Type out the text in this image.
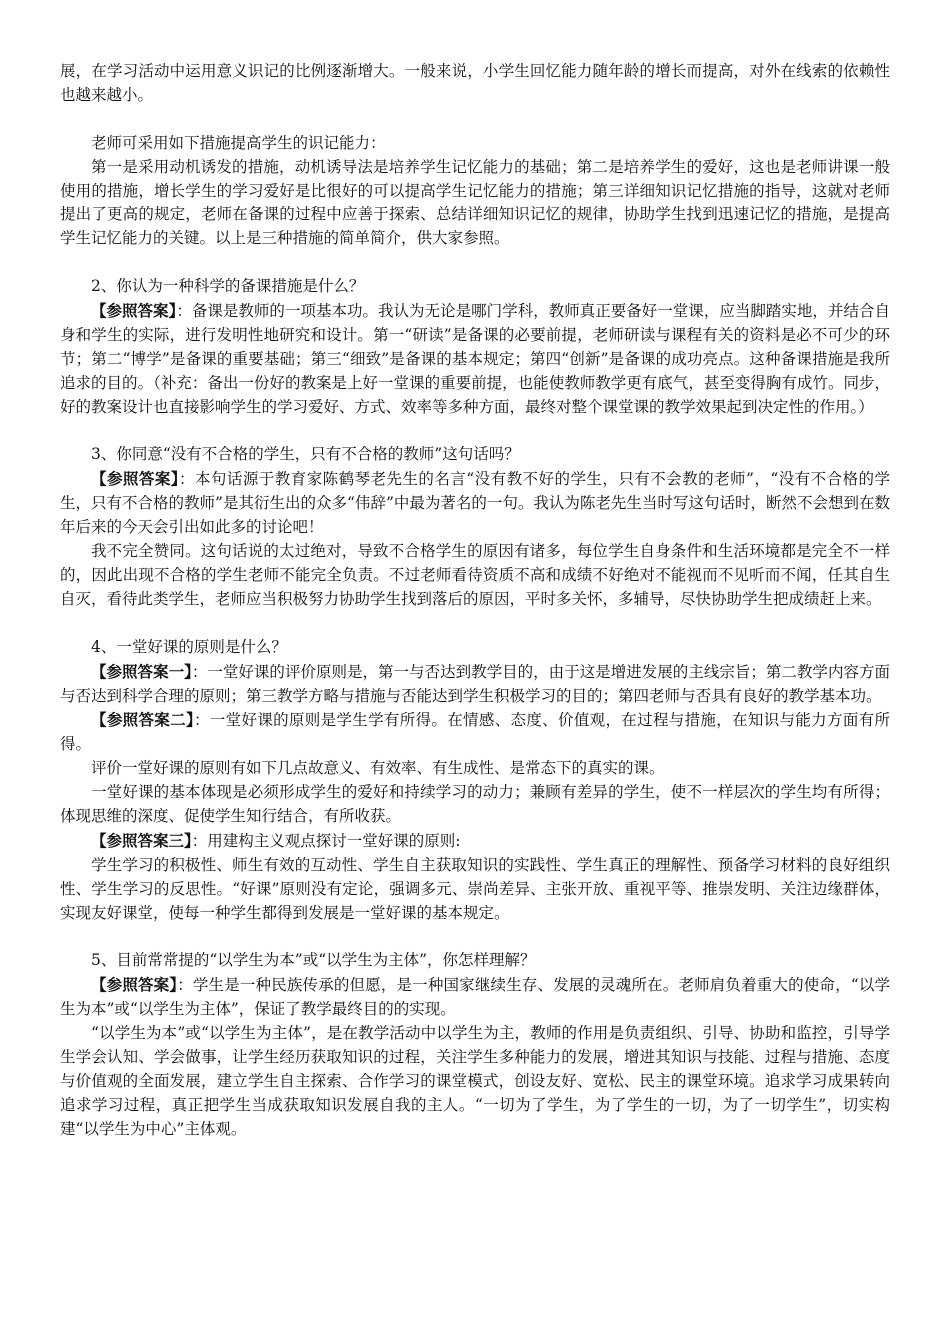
展，在学习活动中运用意义识记的比例逐渐增大。一般来说，小学生回忆能力随年龄的增长而提高，对外在线索的依赖性也越来越小。

老师可采用如下措施提高学生的识记能力：

第一是采用动机诱发的措施，动机诱导法是培养学生记忆能力的基础；第二是培养学生的爱好，这也是老师讲课一般使用的措施，增长学生的学习爱好是比很好的可以提高学生记忆能力的措施；第三详细知识记忆措施的指导，这就对老师提出了更高的规定，老师在备课的过程中应善于探索、总结详细知识记忆的规律，协助学生找到迅速记忆的措施，是提高学生记忆能力的关键。以上是三种措施的简单简介，供大家参照。

2、你认为一种科学的备课措施是什么？

【参照答案】：备课是教师的一项基本功。我认为无论是哪门学科，教师真正要备好一堂课，应当脚踏实地，并结合自身和学生的实际，进行发明性地研究和设计。第一“研读”是备课的必要前提，老师研读与课程有关的资料是必不可少的环节；第二“博学”是备课的重要基础；第三“细致”是备课的基本规定；第四“创新”是备课的成功亮点。这种备课措施是我所追求的目的。（补充：备出一份好的教案是上好一堂课的重要前提，也能使教师教学更有底气，甚至变得胸有成竹。同步，好的教案设计也直接影响学生的学习爱好、方式、效率等多种方面，最终对整个课堂课的教学效果起到决定性的作用。）

3、你同意“没有不合格的学生，只有不合格的教师”这句话吗？

【参照答案】：本句话源于教育家陈鹤琴老先生的名言“没有教不好的学生，只有不会教的老师”，“没有不合格的学生，只有不合格的教师”是其衍生出的众多“伟辞”中最为著名的一句。我认为陈老先生当时写这句话时，断然不会想到在数年后来的今天会引出如此多的讨论吧！

我不完全赞同。这句话说的太过绝对，导致不合格学生的原因有诸多，每位学生自身条件和生活环境都是完全不一样的，因此出现不合格的学生老师不能完全负责。不过老师看待资质不高和成绩不好绝对不能视而不见听而不闻，任其自生自灭，看待此类学生，老师应当积极努力协助学生找到落后的原因，平时多关怀，多辅导，尽快协助学生把成绩赶上来。

4、一堂好课的原则是什么？

【参照答案一】：一堂好课的评价原则是，第一与否达到教学目的，由于这是增进发展的主线宗旨；第二教学内容方面与否达到科学合理的原则；第三教学方略与措施与否能达到学生积极学习的目的；第四老师与否具有良好的教学基本功。

【参照答案二】：一堂好课的原则是学生学有所得。在情感、态度、价值观，在过程与措施，在知识与能力方面有所得。

评价一堂好课的原则有如下几点故意义、有效率、有生成性、是常态下的真实的课。

一堂好课的基本体现是必须形成学生的爱好和持续学习的动力；兼顾有差异的学生，使不一样层次的学生均有所得；体现思维的深度、促使学生知行结合，有所收获。

【参照答案三】：用建构主义观点探讨一堂好课的原则:

学生学习的积极性、师生有效的互动性、学生自主获取知识的实践性、学生真正的理解性、预备学习材料的良好组织性、学生学习的反思性。“好课”原则没有定论，强调多元、崇尚差异、主张开放、重视平等、推崇发明、关注边缘群体，实现友好课堂，使每一种学生都得到发展是一堂好课的基本规定。

5、目前常常提的“以学生为本”或“以学生为主体”，你怎样理解？

【参照答案】：学生是一种民族传承的但愿，是一种国家继续生存、发展的灵魂所在。老师肩负着重大的使命，“以学生为本”或“以学生为主体”，保证了教学最终目的的实现。

“以学生为本”或“以学生为主体”，是在教学活动中以学生为主，教师的作用是负责组织、引导、协助和监控，引导学生学会认知、学会做事，让学生经历获取知识的过程，关注学生多种能力的发展，增进其知识与技能、过程与措施、态度与价值观的全面发展，建立学生自主探索、合作学习的课堂模式，创设友好、宽松、民主的课堂环境。追求学习成果转向追求学习过程，真正把学生当成获取知识发展自我的主人。“一切为了学生，为了学生的一切，为了一切学生”，切实构建“以学生为中心”主体观。
